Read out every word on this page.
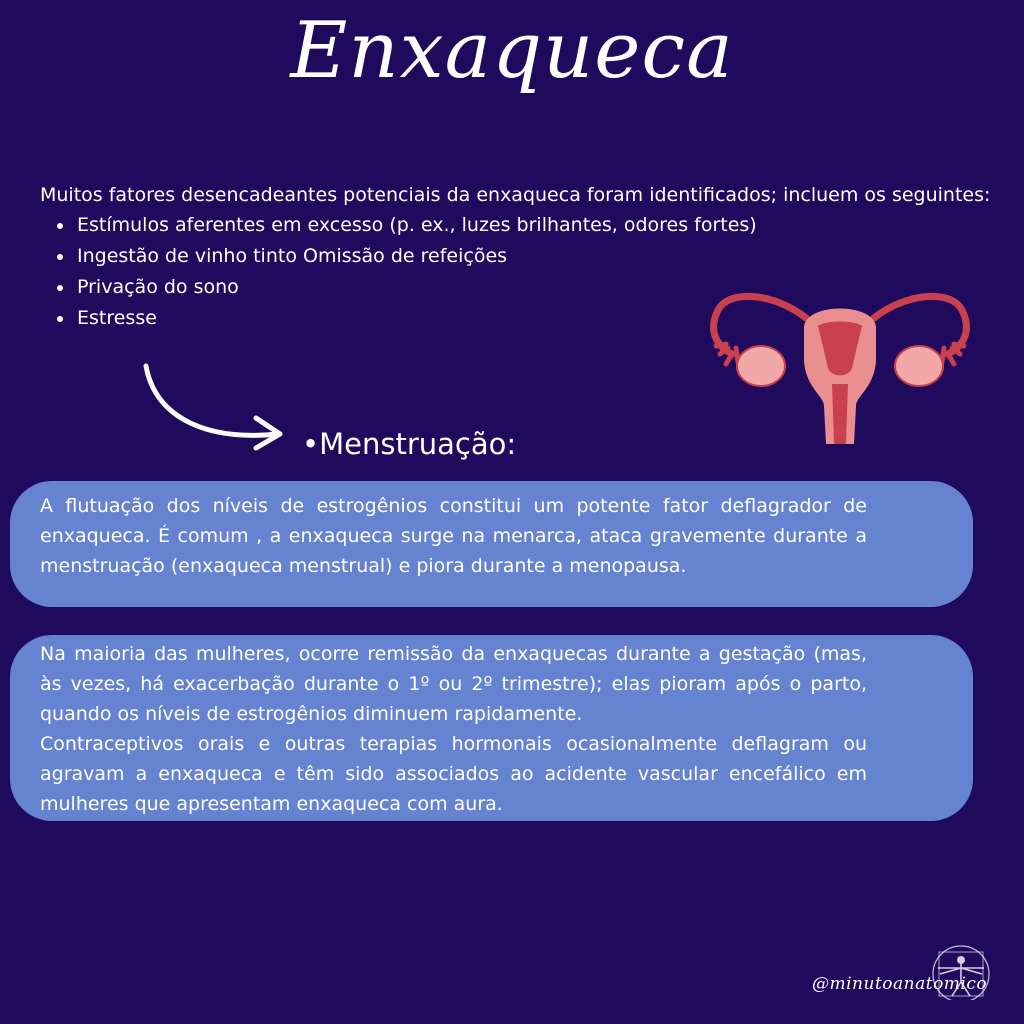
Enxaqueca

Muitos fatores desencadeantes potenciais da enxaqueca foram identificados; incluem os seguintes:

Estímulos aferentes em excesso (p. ex., luzes brilhantes, odores fortes)
Ingestão de vinho tinto Omissão de refeições
Privação do sono
Estresse
•Menstruação:

A flutuação dos níveis de estrogênios constitui um potente fator deflagrador de enxaqueca. É comum , a enxaqueca surge na menarca, ataca gravemente durante a menstruação (enxaqueca menstrual) e piora durante a menopausa.

Na maioria das mulheres, ocorre remissão da enxaquecas durante a gestação (mas, às vezes, há exacerbação durante o 1º ou 2º trimestre); elas pioram após o parto, quando os níveis de estrogênios diminuem rapidamente.

Contraceptivos orais e outras terapias hormonais ocasionalmente deflagram ou agravam a enxaqueca e têm sido associados ao acidente vascular encefálico em mulheres que apresentam enxaqueca com aura.

@minutoanatomico
